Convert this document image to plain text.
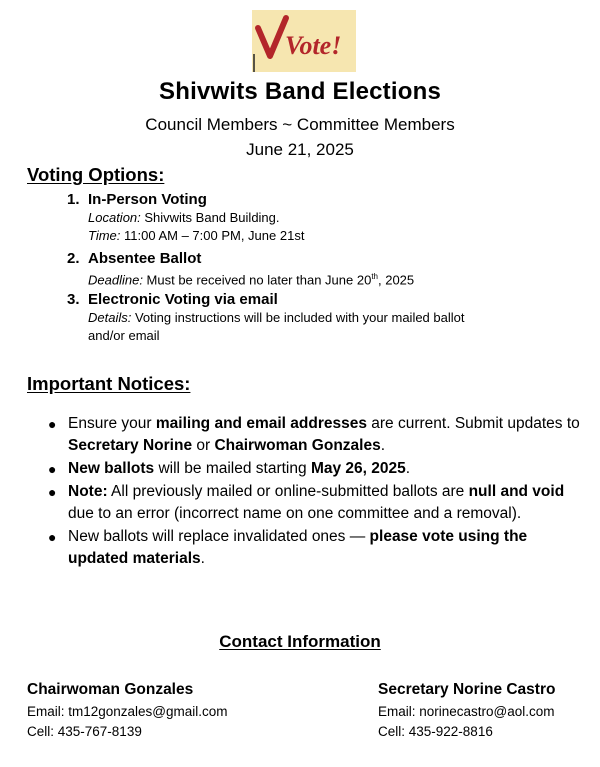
Vote!
Shivwits Band Elections
Council Members ~ Committee Members
June 21, 2025
Voting Options:
1. In-Person Voting
Location: Shivwits Band Building.
Time: 11:00 AM – 7:00 PM, June 21st
2. Absentee Ballot
Deadline: Must be received no later than June 20th, 2025
3. Electronic Voting via email
Details: Voting instructions will be included with your mailed ballot
and/or email
Important Notices:
● Ensure your mailing and email addresses are current. Submit updates to Secretary Norine or Chairwoman Gonzales.
● New ballots will be mailed starting May 26, 2025.
● Note: All previously mailed or online-submitted ballots are null and void due to an error (incorrect name on one committee and a removal).
● New ballots will replace invalidated ones — please vote using the updated materials.
Contact Information
Chairwoman Gonzales
Email: tm12gonzales@gmail.com
Cell: 435-767-8139
Secretary Norine Castro
Email: norinecastro@aol.com
Cell: 435-922-8816
